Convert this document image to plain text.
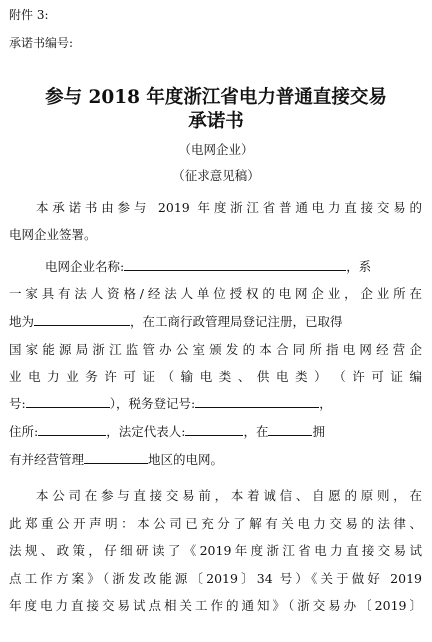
附件 3:
承诺书编号:
参与 2018 年度浙江省电力普通直接交易
承诺书
（电网企业）
（征求意见稿）
本承诺书由参与 2019 年度浙江省普通电力直接交易的
电网企业签署。
电网企业名称:	，系
一家具有法人资格/经法人单位授权的电网企业，企业所在
地为	，在工商行政管理局登记注册，已取得
国家能源局浙江监管办公室颁发的本合同所指电网经营企
业 电 力 业 务 许 可 证 （ 输 电 类 、 供 电 类 ） （ 许 可 证 编
号:	），税务登记号:	，
住所:	，法定代表人:	，在	拥
有并经营管理	地区的电网。
本公司在参与直接交易前，本着诚信、自愿的原则，在
此郑重公开声明：本公司已充分了解有关电力交易的法律、
法规、政策，仔细研读了《2019年度浙江省电力直接交易试
点工作方案》（浙发改能源〔2019〕34 号）《关于做好 2019
年度电力直接交易试点相关工作的通知》（浙交易办〔2019〕
